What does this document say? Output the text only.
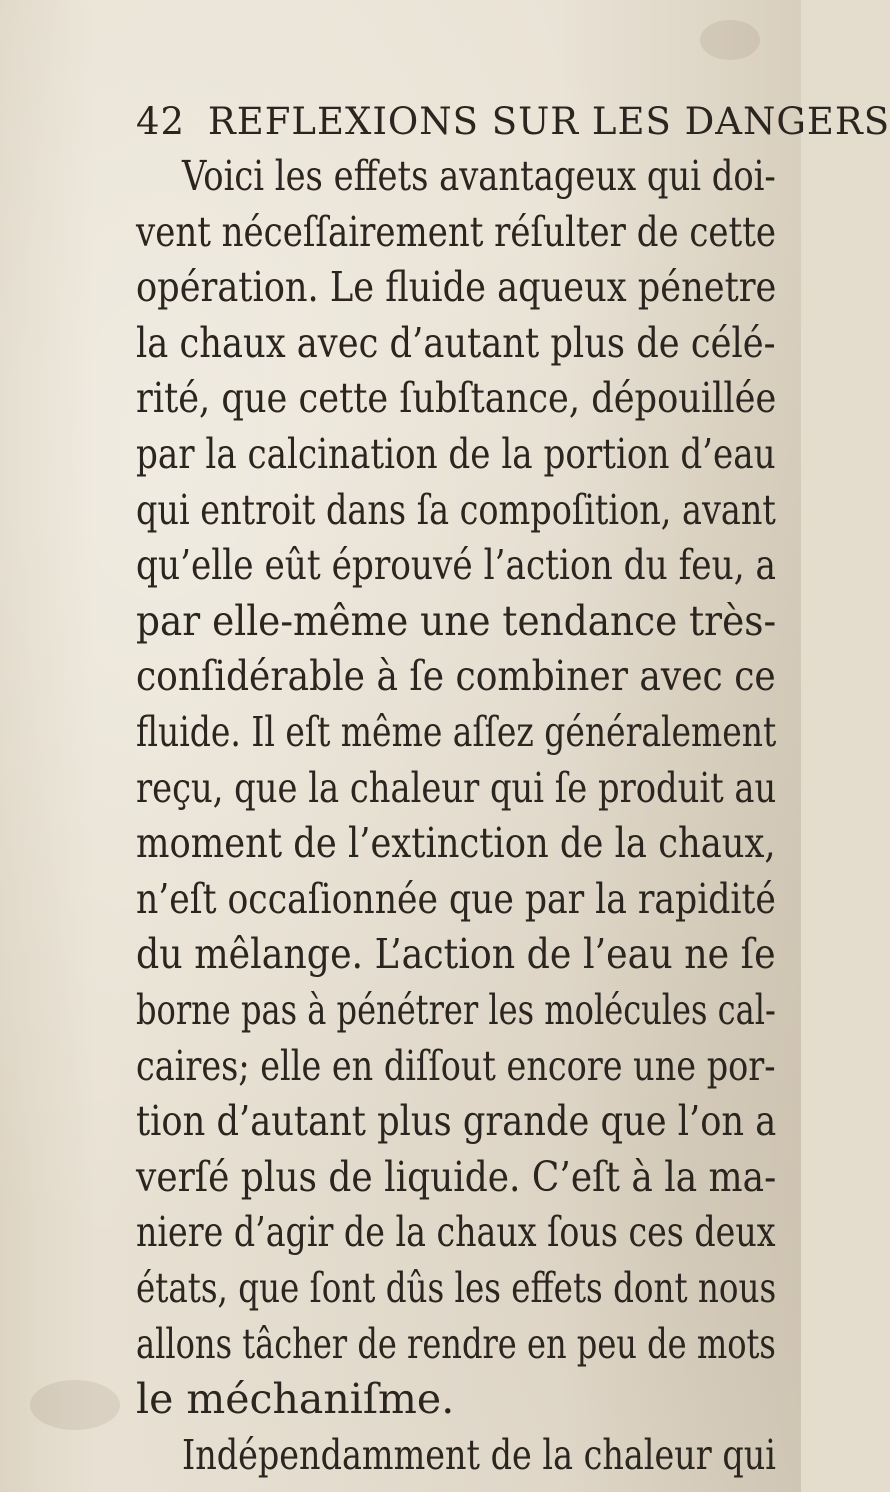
42 REFLEXIONS SUR LES DANGERS
Voici les effets avantageux qui doi-
vent néceſſairement réſulter de cette
opération. Le fluide aqueux pénetre
la chaux avec d’autant plus de célé-
rité, que cette ſubſtance, dépouillée
par la calcination de la portion d’eau
qui entroit dans ſa compoſition, avant
qu’elle eût éprouvé l’action du feu, a
par elle-même une tendance très-
conſidérable à ſe combiner avec ce
fluide. Il eſt même aſſez généralement
reçu, que la chaleur qui ſe produit au
moment de l’extinction de la chaux,
n’eſt occaſionnée que par la rapidité
du mêlange. L’action de l’eau ne ſe
borne pas à pénétrer les molécules cal-
caires; elle en diſſout encore une por-
tion d’autant plus grande que l’on a
verſé plus de liquide. C’eſt à la ma-
niere d’agir de la chaux ſous ces deux
états, que ſont dûs les effets dont nous
allons tâcher de rendre en peu de mots
le méchaniſme.
Indépendamment de la chaleur qui
